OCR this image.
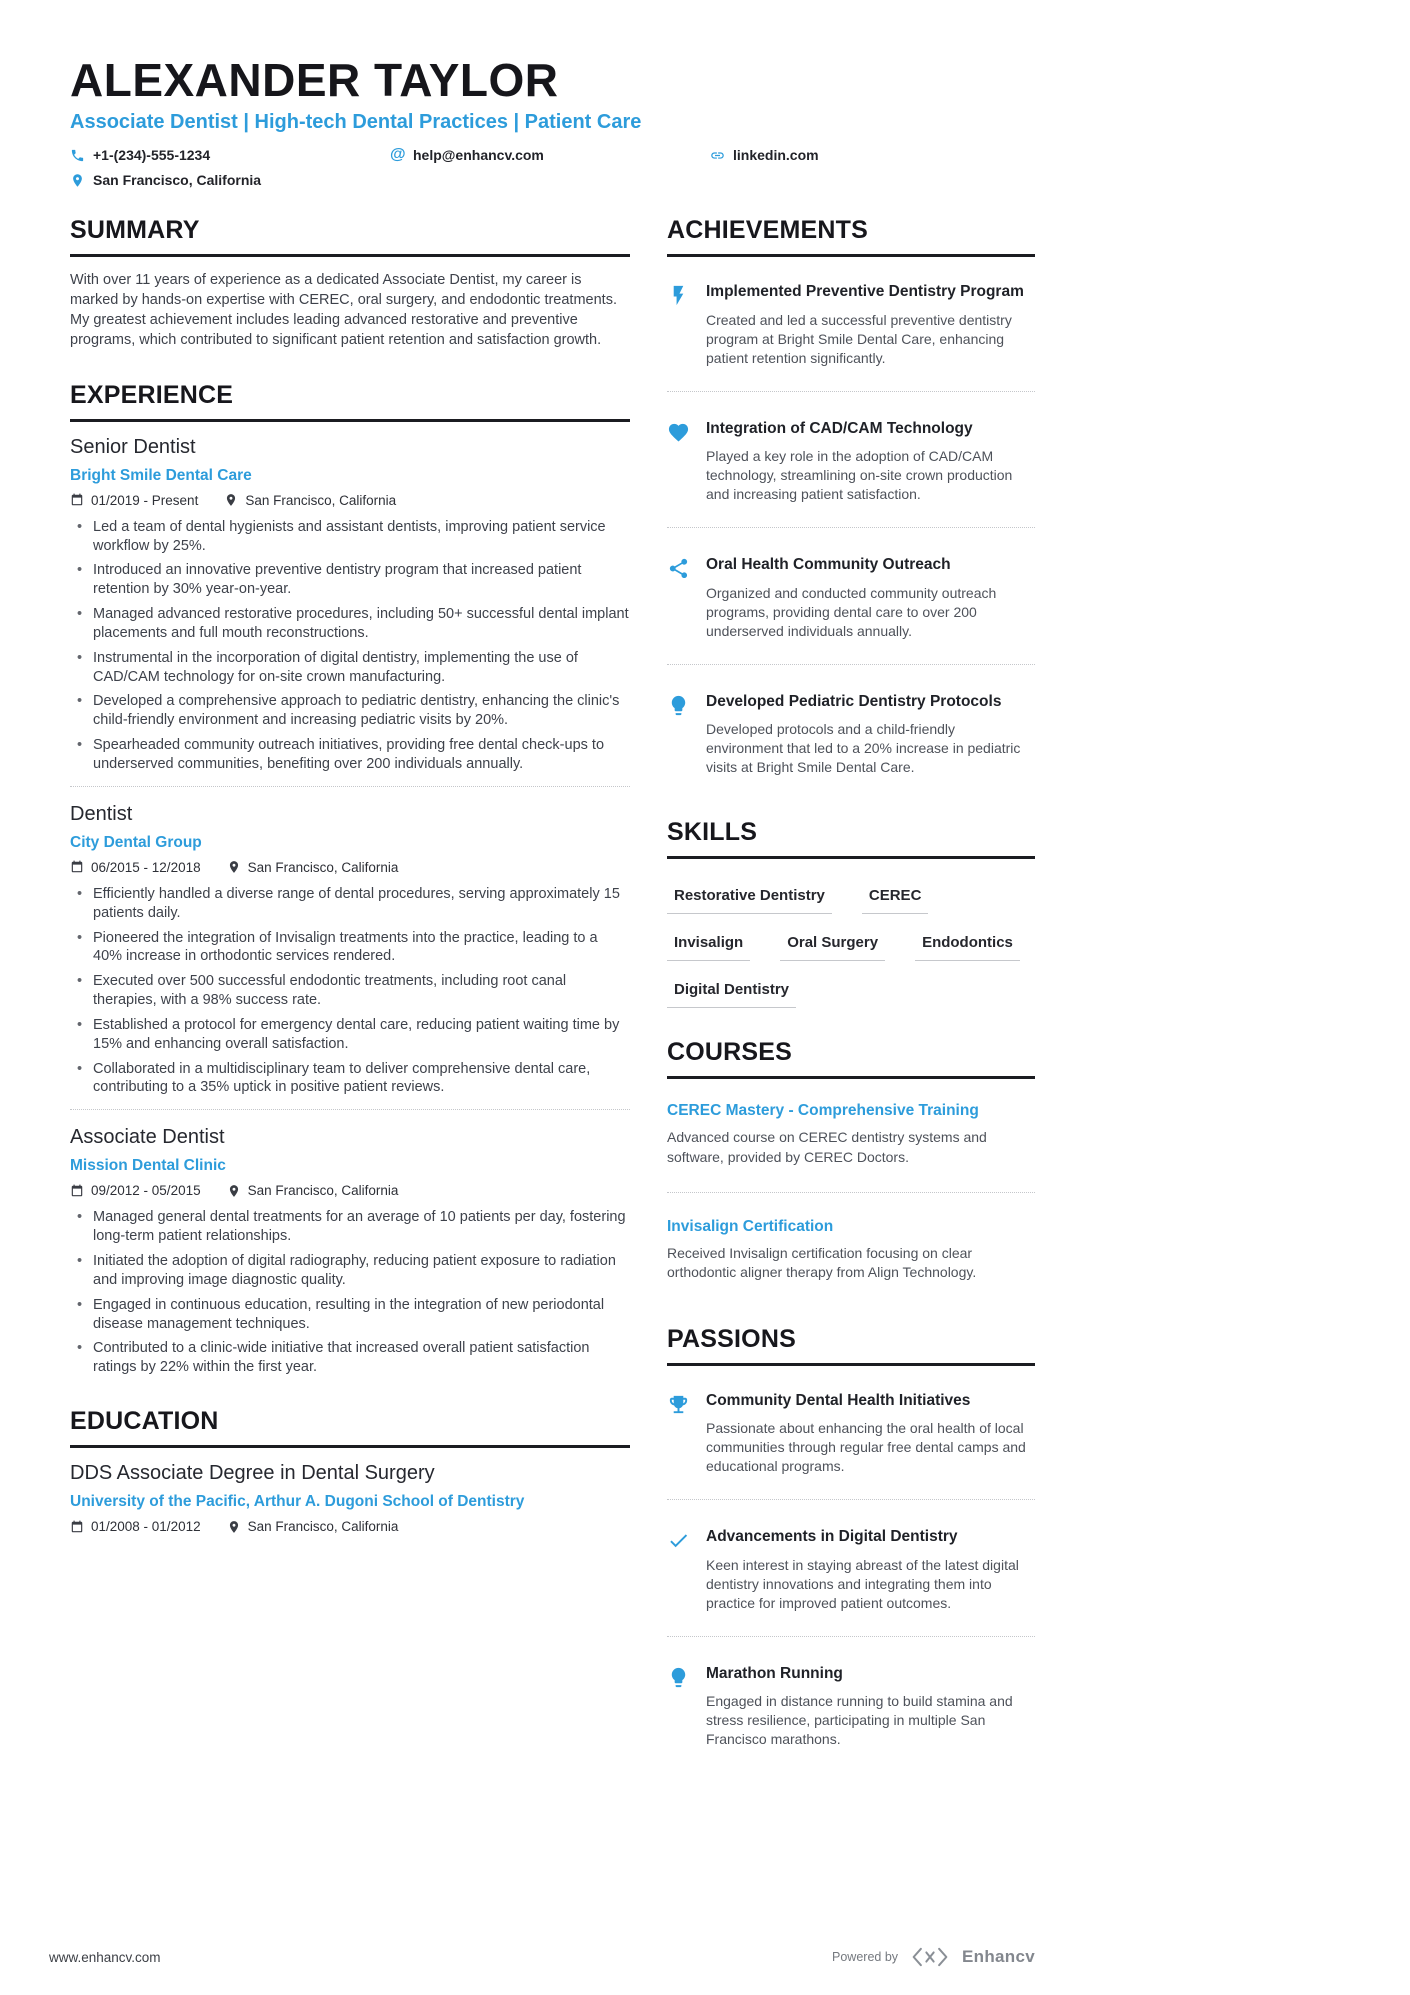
ALEXANDER TAYLOR
Associate Dentist | High-tech Dental Practices | Patient Care
+1-(234)-555-1234	@ help@enhancv.com	linkedin.com
San Francisco, California
SUMMARY

With over 11 years of experience as a dedicated Associate Dentist, my career is marked by hands-on expertise with CEREC, oral surgery, and endodontic treatments. My greatest achievement includes leading advanced restorative and preventive programs, which contributed to significant patient retention and satisfaction growth.

EXPERIENCE
Senior Dentist
Bright Smile Dental Care
01/2019 - Present	San Francisco, California
• Led a team of dental hygienists and assistant dentists, improving patient service workflow by 25%.
• Introduced an innovative preventive dentistry program that increased patient retention by 30% year-on-year.
• Managed advanced restorative procedures, including 50+ successful dental implant placements and full mouth reconstructions.
• Instrumental in the incorporation of digital dentistry, implementing the use of CAD/CAM technology for on-site crown manufacturing.
• Developed a comprehensive approach to pediatric dentistry, enhancing the clinic's child-friendly environment and increasing pediatric visits by 20%.
• Spearheaded community outreach initiatives, providing free dental check-ups to underserved communities, benefiting over 200 individuals annually.
Dentist
City Dental Group
06/2015 - 12/2018	San Francisco, California
• Efficiently handled a diverse range of dental procedures, serving approximately 15 patients daily.
• Pioneered the integration of Invisalign treatments into the practice, leading to a 40% increase in orthodontic services rendered.
• Executed over 500 successful endodontic treatments, including root canal therapies, with a 98% success rate.
• Established a protocol for emergency dental care, reducing patient waiting time by 15% and enhancing overall satisfaction.
• Collaborated in a multidisciplinary team to deliver comprehensive dental care, contributing to a 35% uptick in positive patient reviews.
Associate Dentist
Mission Dental Clinic
09/2012 - 05/2015	San Francisco, California
• Managed general dental treatments for an average of 10 patients per day, fostering long-term patient relationships.
• Initiated the adoption of digital radiography, reducing patient exposure to radiation and improving image diagnostic quality.
• Engaged in continuous education, resulting in the integration of new periodontal disease management techniques.
• Contributed to a clinic-wide initiative that increased overall patient satisfaction ratings by 22% within the first year.
EDUCATION
DDS Associate Degree in Dental Surgery
University of the Pacific, Arthur A. Dugoni School of Dentistry
01/2008 - 01/2012	San Francisco, California
ACHIEVEMENTS
Implemented Preventive Dentistry Program
Created and led a successful preventive dentistry program at Bright Smile Dental Care, enhancing patient retention significantly.
Integration of CAD/CAM Technology
Played a key role in the adoption of CAD/CAM technology, streamlining on-site crown production and increasing patient satisfaction.
Oral Health Community Outreach
Organized and conducted community outreach programs, providing dental care to over 200 underserved individuals annually.
Developed Pediatric Dentistry Protocols
Developed protocols and a child-friendly environment that led to a 20% increase in pediatric visits at Bright Smile Dental Care.
SKILLS
Restorative Dentistry	CEREC
Invisalign	Oral Surgery	Endodontics
Digital Dentistry
COURSES
CEREC Mastery - Comprehensive Training
Advanced course on CEREC dentistry systems and software, provided by CEREC Doctors.
Invisalign Certification
Received Invisalign certification focusing on clear orthodontic aligner therapy from Align Technology.
PASSIONS
Community Dental Health Initiatives
Passionate about enhancing the oral health of local communities through regular free dental camps and educational programs.
Advancements in Digital Dentistry
Keen interest in staying abreast of the latest digital dentistry innovations and integrating them into practice for improved patient outcomes.
Marathon Running
Engaged in distance running to build stamina and stress resilience, participating in multiple San Francisco marathons.
www.enhancv.com	Powered by	Enhancv
